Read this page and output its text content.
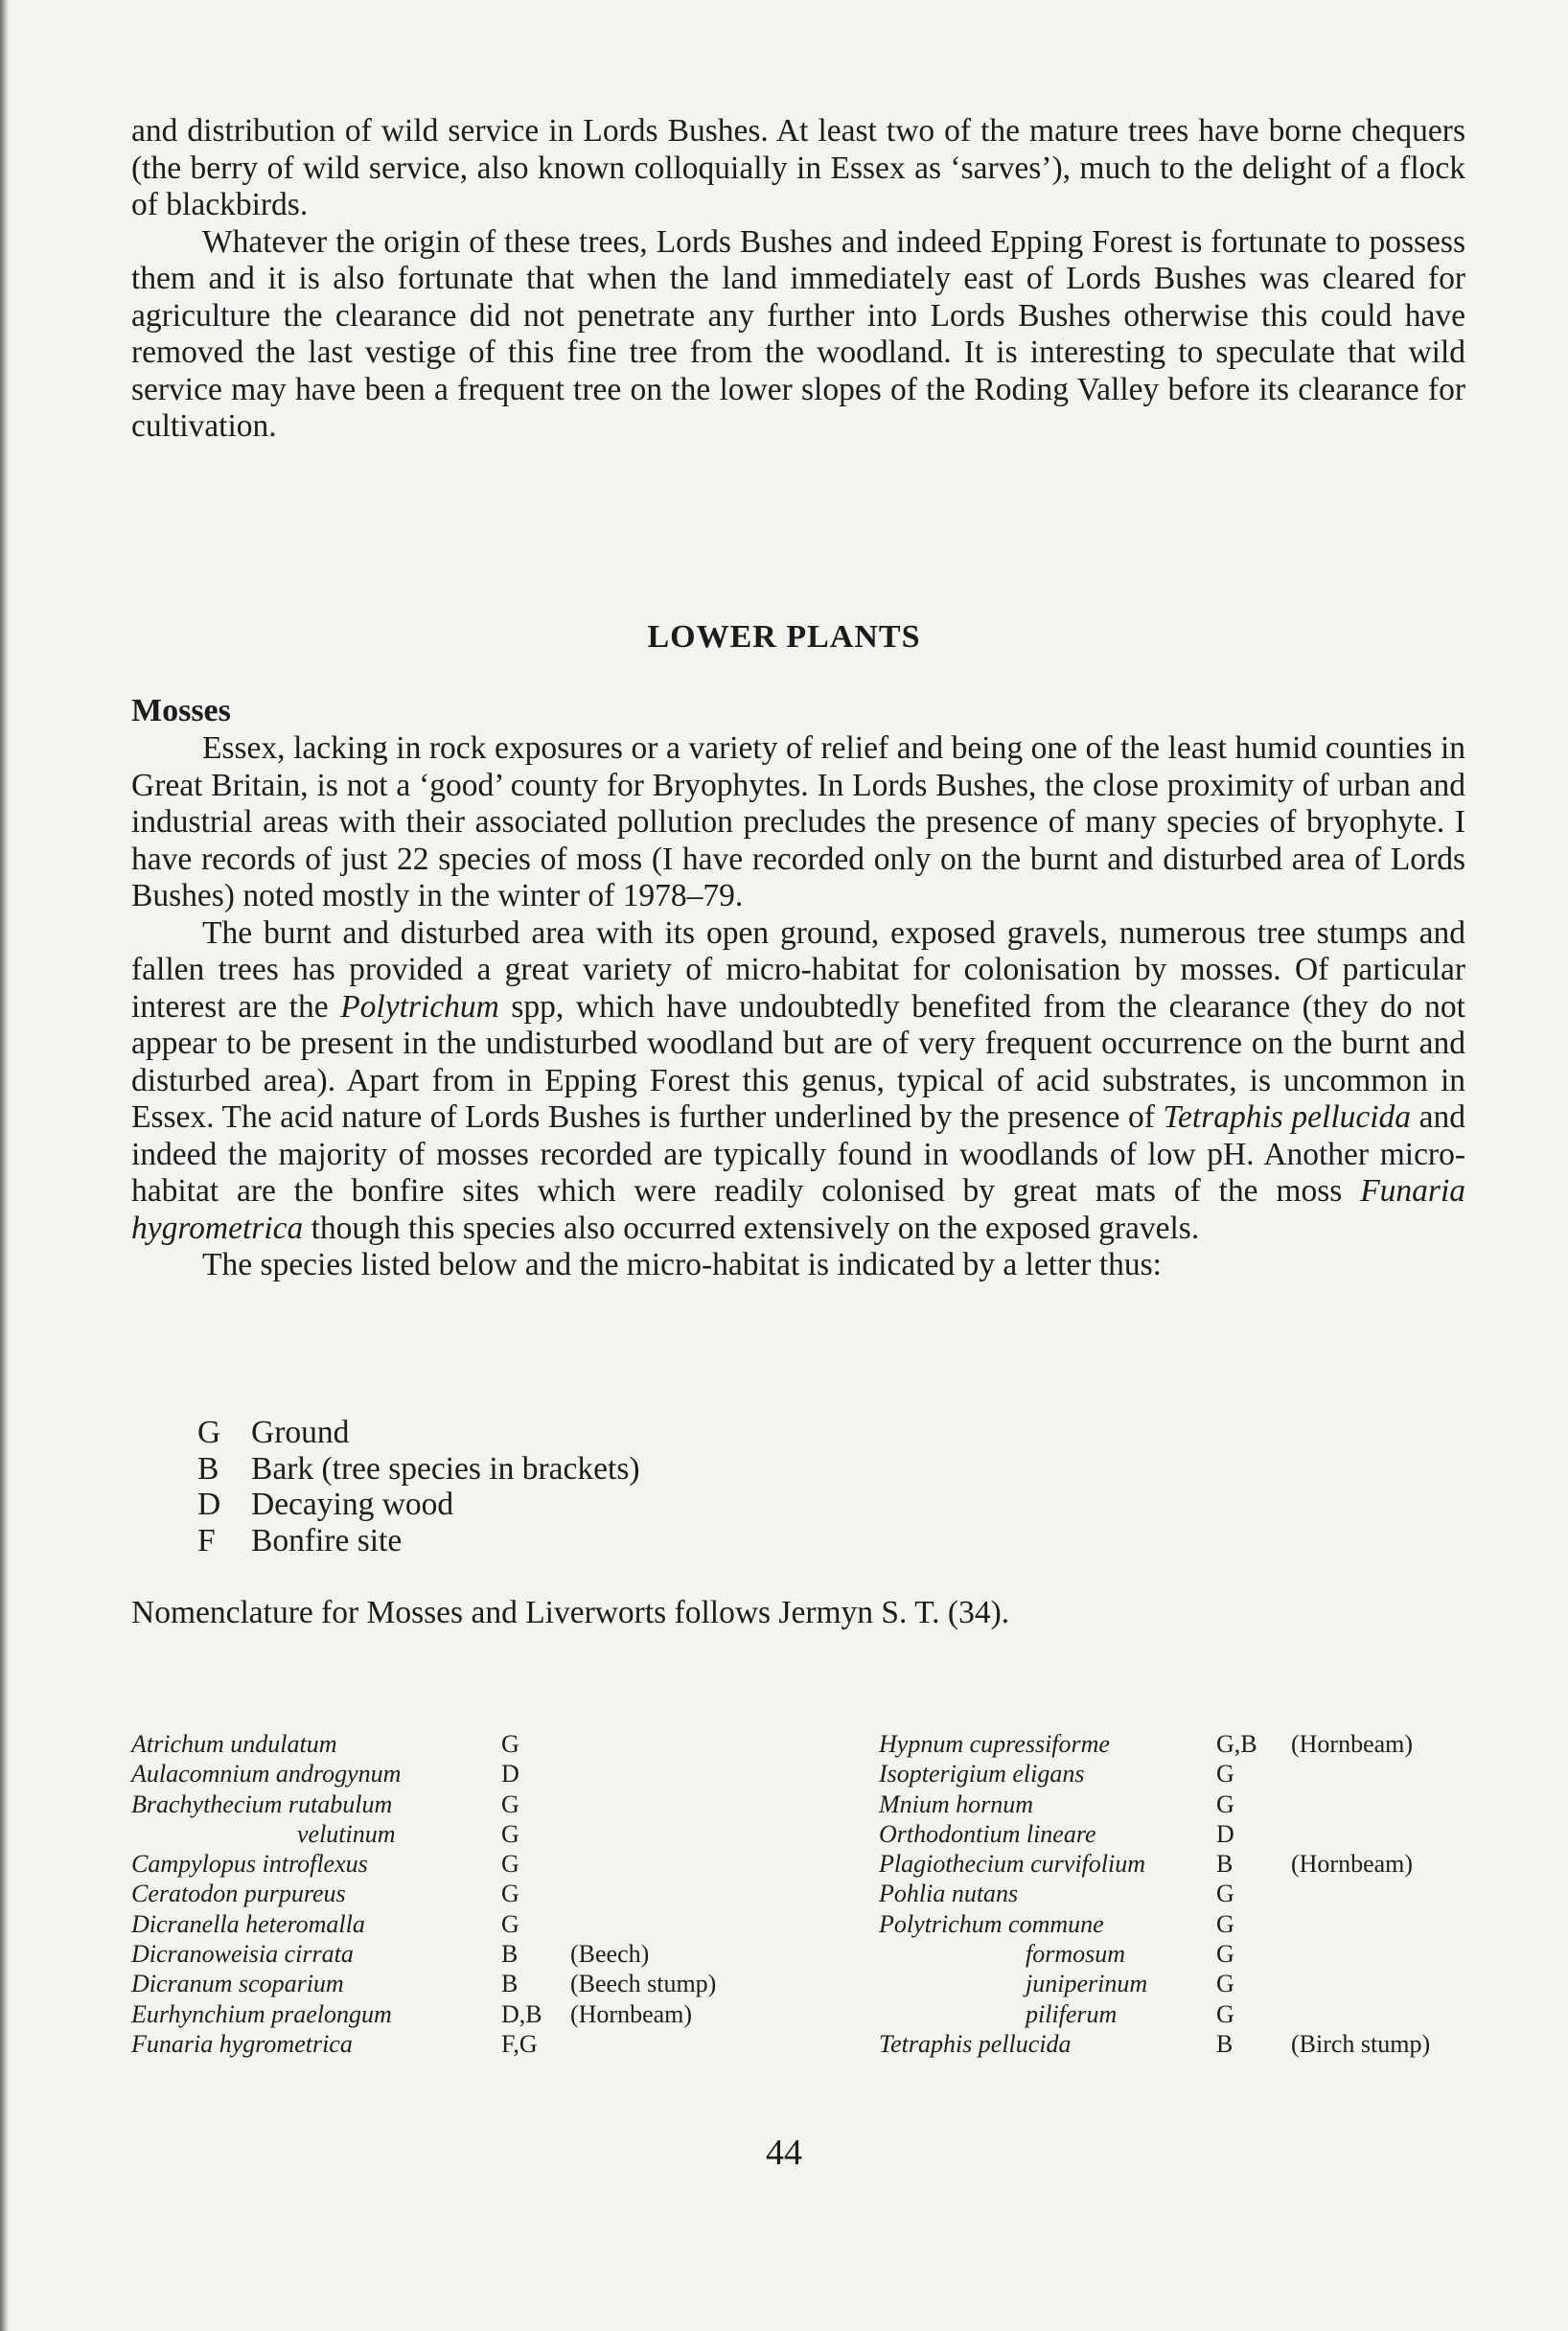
and distribution of wild service in Lords Bushes. At least two of the mature trees have borne chequers (the berry of wild service, also known colloquially in Essex as ‘sarves’), much to the delight of a flock of blackbirds.

Whatever the origin of these trees, Lords Bushes and indeed Epping Forest is fortunate to possess them and it is also fortunate that when the land immediately east of Lords Bushes was cleared for agriculture the clearance did not penetrate any further into Lords Bushes otherwise this could have removed the last vestige of this fine tree from the woodland. It is interesting to speculate that wild service may have been a frequent tree on the lower slopes of the Roding Valley before its clearance for cultivation.

LOWER PLANTS
Mosses

Essex, lacking in rock exposures or a variety of relief and being one of the least humid counties in Great Britain, is not a ‘good’ county for Bryophytes. In Lords Bushes, the close proximity of urban and industrial areas with their associated pollution precludes the presence of many species of bryophyte. I have records of just 22 species of moss (I have recorded only on the burnt and disturbed area of Lords Bushes) noted mostly in the winter of 1978–79.

The burnt and disturbed area with its open ground, exposed gravels, numerous tree stumps and fallen trees has provided a great variety of micro-habitat for colonisation by mosses. Of particular interest are the Polytrichum spp, which have undoubtedly benefited from the clearance (they do not appear to be present in the undisturbed woodland but are of very frequent occurrence on the burnt and disturbed area). Apart from in Epping Forest this genus, typical of acid substrates, is uncommon in Essex. The acid nature of Lords Bushes is further underlined by the presence of Tetraphis pellucida and indeed the majority of mosses recorded are typically found in woodlands of low pH. Another micro-habitat are the bonfire sites which were readily colonised by great mats of the moss Funaria hygrometrica though this species also occurred extensively on the exposed gravels.

The species listed below and the micro-habitat is indicated by a letter thus:

G Ground
B	Bark (tree species in brackets)
D Decaying wood
F	Bonfire site
Nomenclature for Mosses and Liverworts follows Jermyn S. T. (34).
Atrichum undulatum	G
Aulacomnium androgynum	D
Brachythecium rutabulum	G
velutinum	G
Campylopus introflexus	G
Ceratodon purpureus	G
Dicranella heteromalla	G
Dicranoweisia cirrata	B (Beech)
Dicranum scoparium	B (Beech stump)
Eurhynchium praelongum	D,B (Hornbeam)
Funaria hygrometrica	F,G
Hypnum cupressiforme	G,B (Hornbeam)
Isopterigium eligans	G
Mnium hornum	G
Orthodontium lineare	D
Plagiothecium curvifolium	B (Hornbeam)
Pohlia nutans	G
Polytrichum commune	G
formosum	G
juniperinum	G
piliferum	G
Tetraphis pellucida	B (Birch stump)
44
